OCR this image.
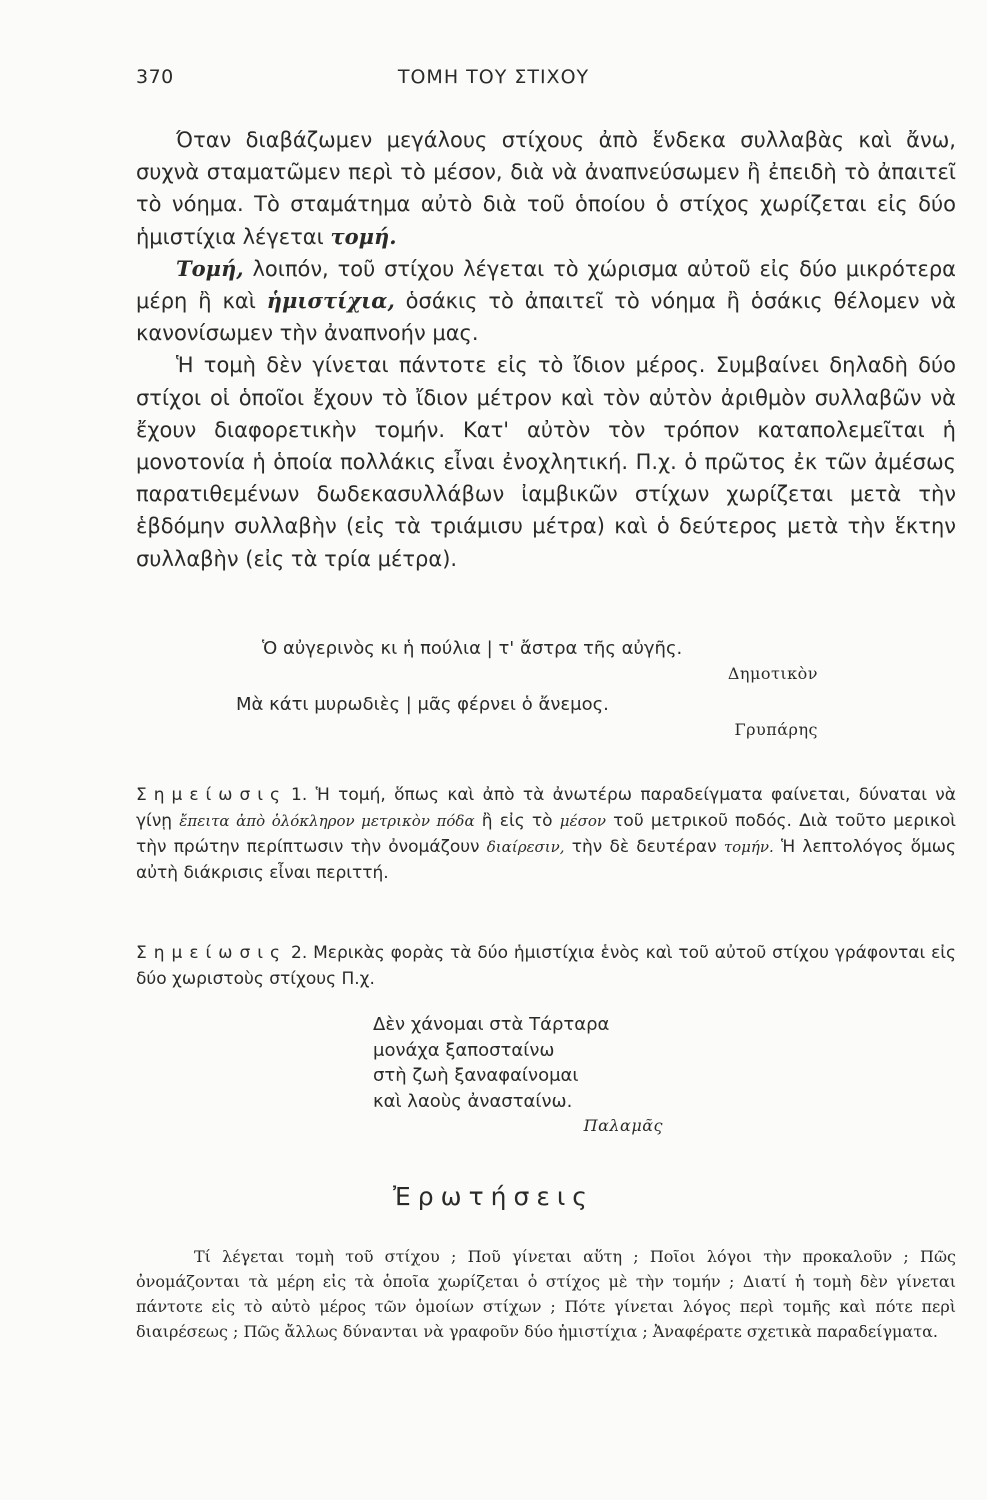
370	ΤΟΜΗ ΤΟΥ ΣΤΙΧΟΥ

Όταν διαβάζωμεν μεγάλους στίχους ἀπὸ ἕνδεκα συλλαβὰς καὶ ἄνω, συχνὰ σταματῶμεν περὶ τὸ μέσον, διὰ νὰ ἀναπνεύσωμεν ἢ ἐπειδὴ τὸ ἀπαιτεῖ τὸ νόημα. Τὸ σταμάτημα αὐτὸ διὰ τοῦ ὁποίου ὁ στίχος χωρίζεται εἰς δύο ἡμιστίχια λέγεται τομή.

Τομή, λοιπόν, τοῦ στίχου λέγεται τὸ χώρισμα αὐτοῦ εἰς δύο μικρότερα μέρη ἢ καὶ ἡμιστίχια, ὁσάκις τὸ ἀπαιτεῖ τὸ νόημα ἢ ὁσάκις θέλομεν νὰ κανονίσωμεν τὴν ἀναπνοήν μας.

Ἡ τομὴ δὲν γίνεται πάντοτε εἰς τὸ ἴδιον μέρος. Συμβαίνει δηλαδὴ δύο στίχοι οἱ ὁποῖοι ἔχουν τὸ ἴδιον μέτρον καὶ τὸν αὐτὸν ἀριθμὸν συλλαβῶν νὰ ἔχουν διαφορετικὴν τομήν. Κατ' αὐτὸν τὸν τρόπον καταπολεμεῖται ἡ μονοτονία ἡ ὁποία πολλάκις εἶναι ἐνοχλητική. Π.χ. ὁ πρῶτος ἐκ τῶν ἀμέσως παρατιθεμένων δωδεκασυλλάβων ἰαμβικῶν στίχων χωρίζεται μετὰ τὴν ἑβδόμην συλλαβὴν (εἰς τὰ τριάμισυ μέτρα) καὶ ὁ δεύτερος μετὰ τὴν ἕκτην συλλαβὴν (εἰς τὰ τρία μέτρα).

Ὁ αὐγερινὸς κι ἡ πούλια | τ' ἄστρα τῆς αὐγῆς.
Δημοτικὸν
Μὰ κάτι μυρωδιὲς | μᾶς φέρνει ὁ ἄνεμος.
Γρυπάρης
Σημείωσις 1. Ἡ τομή, ὅπως καὶ ἀπὸ τὰ ἀνωτέρω παραδείγματα φαίνεται, δύναται νὰ γίνῃ ἔπειτα ἀπὸ ὁλόκληρον μετρικὸν πόδα ἢ εἰς τὸ μέσον τοῦ μετρικοῦ ποδός. Διὰ τοῦτο μερικοὶ τὴν πρώτην περίπτωσιν τὴν ὀνομάζουν διαίρεσιν, τὴν δὲ δευτέραν τομήν. Ἡ λεπτολόγος ὅμως αὐτὴ διάκρισις εἶναι περιττή.
Σημείωσις 2. Μερικὰς φορὰς τὰ δύο ἡμιστίχια ἑνὸς καὶ τοῦ αὐτοῦ στίχου γράφονται εἰς δύο χωριστοὺς στίχους Π.χ.
Δὲν χάνομαι στὰ Τάρταρα
μονάχα ξαποσταίνω
στὴ ζωὴ ξαναφαίνομαι
καὶ λαοὺς ἀνασταίνω.
Παλαμᾶς
Ἐρωτήσεις
Τί λέγεται τομὴ τοῦ στίχου ; Ποῦ γίνεται αὕτη ; Ποῖοι λόγοι τὴν προκαλοῦν ; Πῶς ὀνομάζονται τὰ μέρη εἰς τὰ ὁποῖα χωρίζεται ὁ στίχος μὲ τὴν τομήν ; Διατί ἡ τομὴ δὲν γίνεται πάντοτε εἰς τὸ αὐτὸ μέρος τῶν ὁμοίων στίχων ; Πότε γίνεται λόγος περὶ τομῆς καὶ πότε περὶ διαιρέσεως ; Πῶς ἄλλως δύνανται νὰ γραφοῦν δύο ἡμιστίχια ; Ἀναφέρατε σχετικὰ παραδείγματα.
